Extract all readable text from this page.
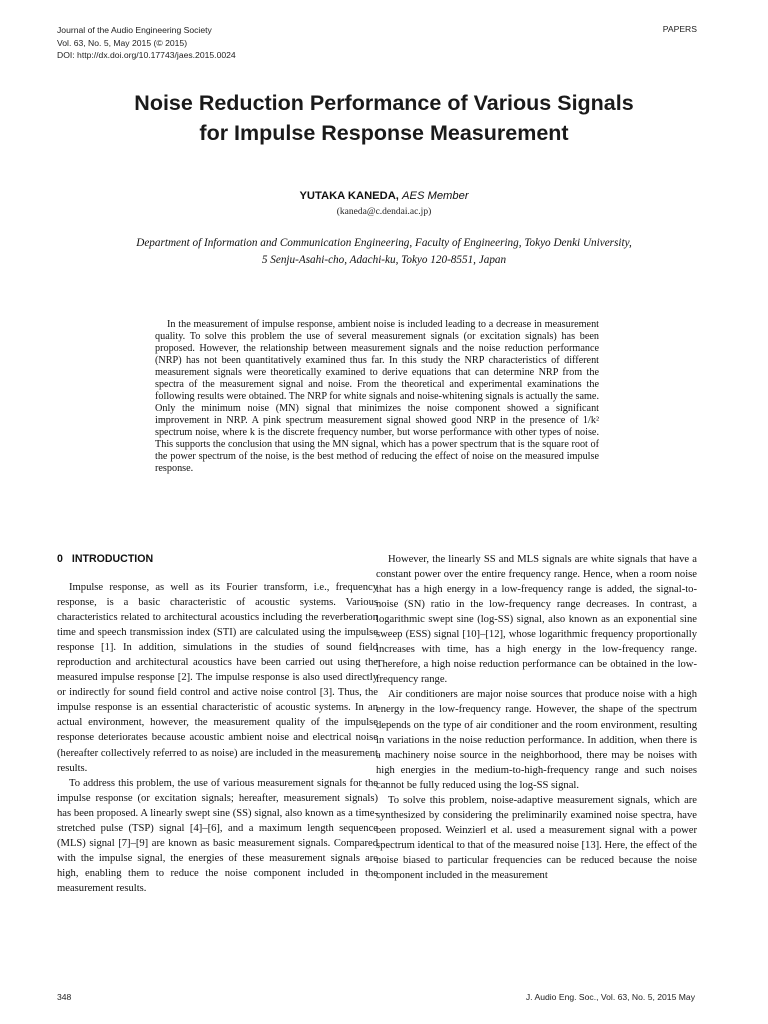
Journal of the Audio Engineering Society
Vol. 63, No. 5, May 2015 (© 2015)
DOI: http://dx.doi.org/10.17743/jaes.2015.0024
PAPERS
Noise Reduction Performance of Various Signals
for Impulse Response Measurement
YUTAKA KANEDA, AES Member
(kaneda@c.dendai.ac.jp)
Department of Information and Communication Engineering, Faculty of Engineering, Tokyo Denki University,
5 Senju-Asahi-cho, Adachi-ku, Tokyo 120-8551, Japan
In the measurement of impulse response, ambient noise is included leading to a decrease in measurement quality. To solve this problem the use of several measurement signals (or excitation signals) has been proposed. However, the relationship between measurement signals and the noise reduction performance (NRP) has not been quantitatively examined thus far. In this study the NRP characteristics of different measurement signals were theoretically examined to derive equations that can determine NRP from the spectra of the measurement signal and noise. From the theoretical and experimental examinations the following results were obtained. The NRP for white signals and noise-whitening signals is actually the same. Only the minimum noise (MN) signal that minimizes the noise component showed a significant improvement in NRP. A pink spectrum measurement signal showed good NRP in the presence of 1/k² spectrum noise, where k is the discrete frequency number, but worse performance with other types of noise. This supports the conclusion that using the MN signal, which has a power spectrum that is the square root of the power spectrum of the noise, is the best method of reducing the effect of noise on the measured impulse response.
0 INTRODUCTION

Impulse response, as well as its Fourier transform, i.e., frequency response, is a basic characteristic of acoustic systems. Various characteristics related to architectural acoustics including the reverberation time and speech transmission index (STI) are calculated using the impulse response [1]. In addition, simulations in the studies of sound field reproduction and architectural acoustics have been carried out using the measured impulse response [2]. The impulse response is also used directly or indirectly for sound field control and active noise control [3]. Thus, the impulse response is an essential characteristic of acoustic systems. In an actual environment, however, the measurement quality of the impulse response deteriorates because acoustic ambient noise and electrical noise (hereafter collectively referred to as noise) are included in the measurement results.

To address this problem, the use of various measurement signals for the impulse response (or excitation signals; hereafter, measurement signals) has been proposed. A linearly swept sine (SS) signal, also known as a time-stretched pulse (TSP) signal [4]–[6], and a maximum length sequence (MLS) signal [7]–[9] are known as basic measurement signals. Compared with the impulse signal, the energies of these measurement signals are high, enabling them to reduce the noise component included in the measurement results.

However, the linearly SS and MLS signals are white signals that have a constant power over the entire frequency range. Hence, when a room noise that has a high energy in a low-frequency range is added, the signal-to-noise (SN) ratio in the low-frequency range decreases. In contrast, a logarithmic swept sine (log-SS) signal, also known as an exponential sine sweep (ESS) signal [10]–[12], whose logarithmic frequency proportionally increases with time, has a high energy in the low-frequency range. Therefore, a high noise reduction performance can be obtained in the low-frequency range.

Air conditioners are major noise sources that produce noise with a high energy in the low-frequency range. However, the shape of the spectrum depends on the type of air conditioner and the room environment, resulting in variations in the noise reduction performance. In addition, when there is a machinery noise source in the neighborhood, there may be noises with high energies in the medium-to-high-frequency range and such noises cannot be fully reduced using the log-SS signal.

To solve this problem, noise-adaptive measurement signals, which are synthesized by considering the preliminarily examined noise spectra, have been proposed. Weinzierl et al. used a measurement signal with a power spectrum identical to that of the measured noise [13]. Here, the effect of the noise biased to particular frequencies can be reduced because the noise component included in the measurement

348	J. Audio Eng. Soc., Vol. 63, No. 5, 2015 May
